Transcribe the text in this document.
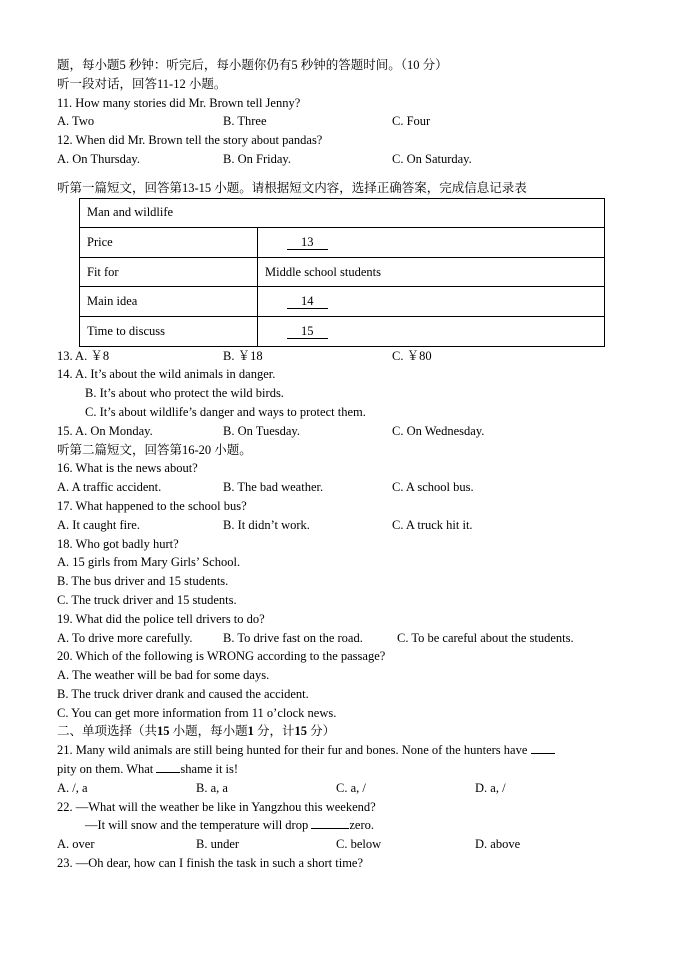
题，每小题5 秒钟：听完后，每小题你仍有5 秒钟的答题时间。（10 分）
听一段对话，回答11-12 小题。
11. How many stories did Mr. Brown tell Jenny?
A. Two	B. Three	C. Four
12. When did Mr. Brown tell the story about pandas?
A. On Thursday.	B. On Friday.	C. On Saturday.
听第一篇短文，回答第13-15 小题。请根据短文内容，选择正确答案，完成信息记录表
Man and wildlife	
Price	13
Fit for	Middle school students
Main idea	14
Time to discuss	15
13. A. ￥8	B. ￥18	C. ￥80
14. A. It’s about the wild animals in danger.
B. It’s about who protect the wild birds.
C. It’s about wildlife’s danger and ways to protect them.
15. A. On Monday.	B. On Tuesday.	C. On Wednesday.
听第二篇短文，回答第16-20 小题。
16. What is the news about?
A. A traffic accident.	B. The bad weather.	C. A school bus.
17. What happened to the school bus?
A. It caught fire.	B. It didn’t work.	C. A truck hit it.
18. Who got badly hurt?
A. 15 girls from Mary Girls’ School.
B. The bus driver and 15 students.
C. The truck driver and 15 students.
19. What did the police tell drivers to do?
A. To drive more carefully. B. To drive fast on the road.	C. To be careful about the students.
20. Which of the following is WRONG according to the passage?
A. The weather will be bad for some days.
B. The truck driver drank and caused the accident.
C. You can get more information from 11 o’clock news.
二、单项选择（共15 小题，每小题1 分，计15 分）
21. Many wild animals are still being hunted for their fur and bones. None of the hunters have
pity on them. What shame it is!
A. /, a	B. a, a	C. a, /	D. a, /
22. —What will the weather be like in Yangzhou this weekend?
—It will snow and the temperature will drop	zero.
A. over	B. under	C. below	D. above
23. —Oh dear, how can I finish the task in such a short time?
